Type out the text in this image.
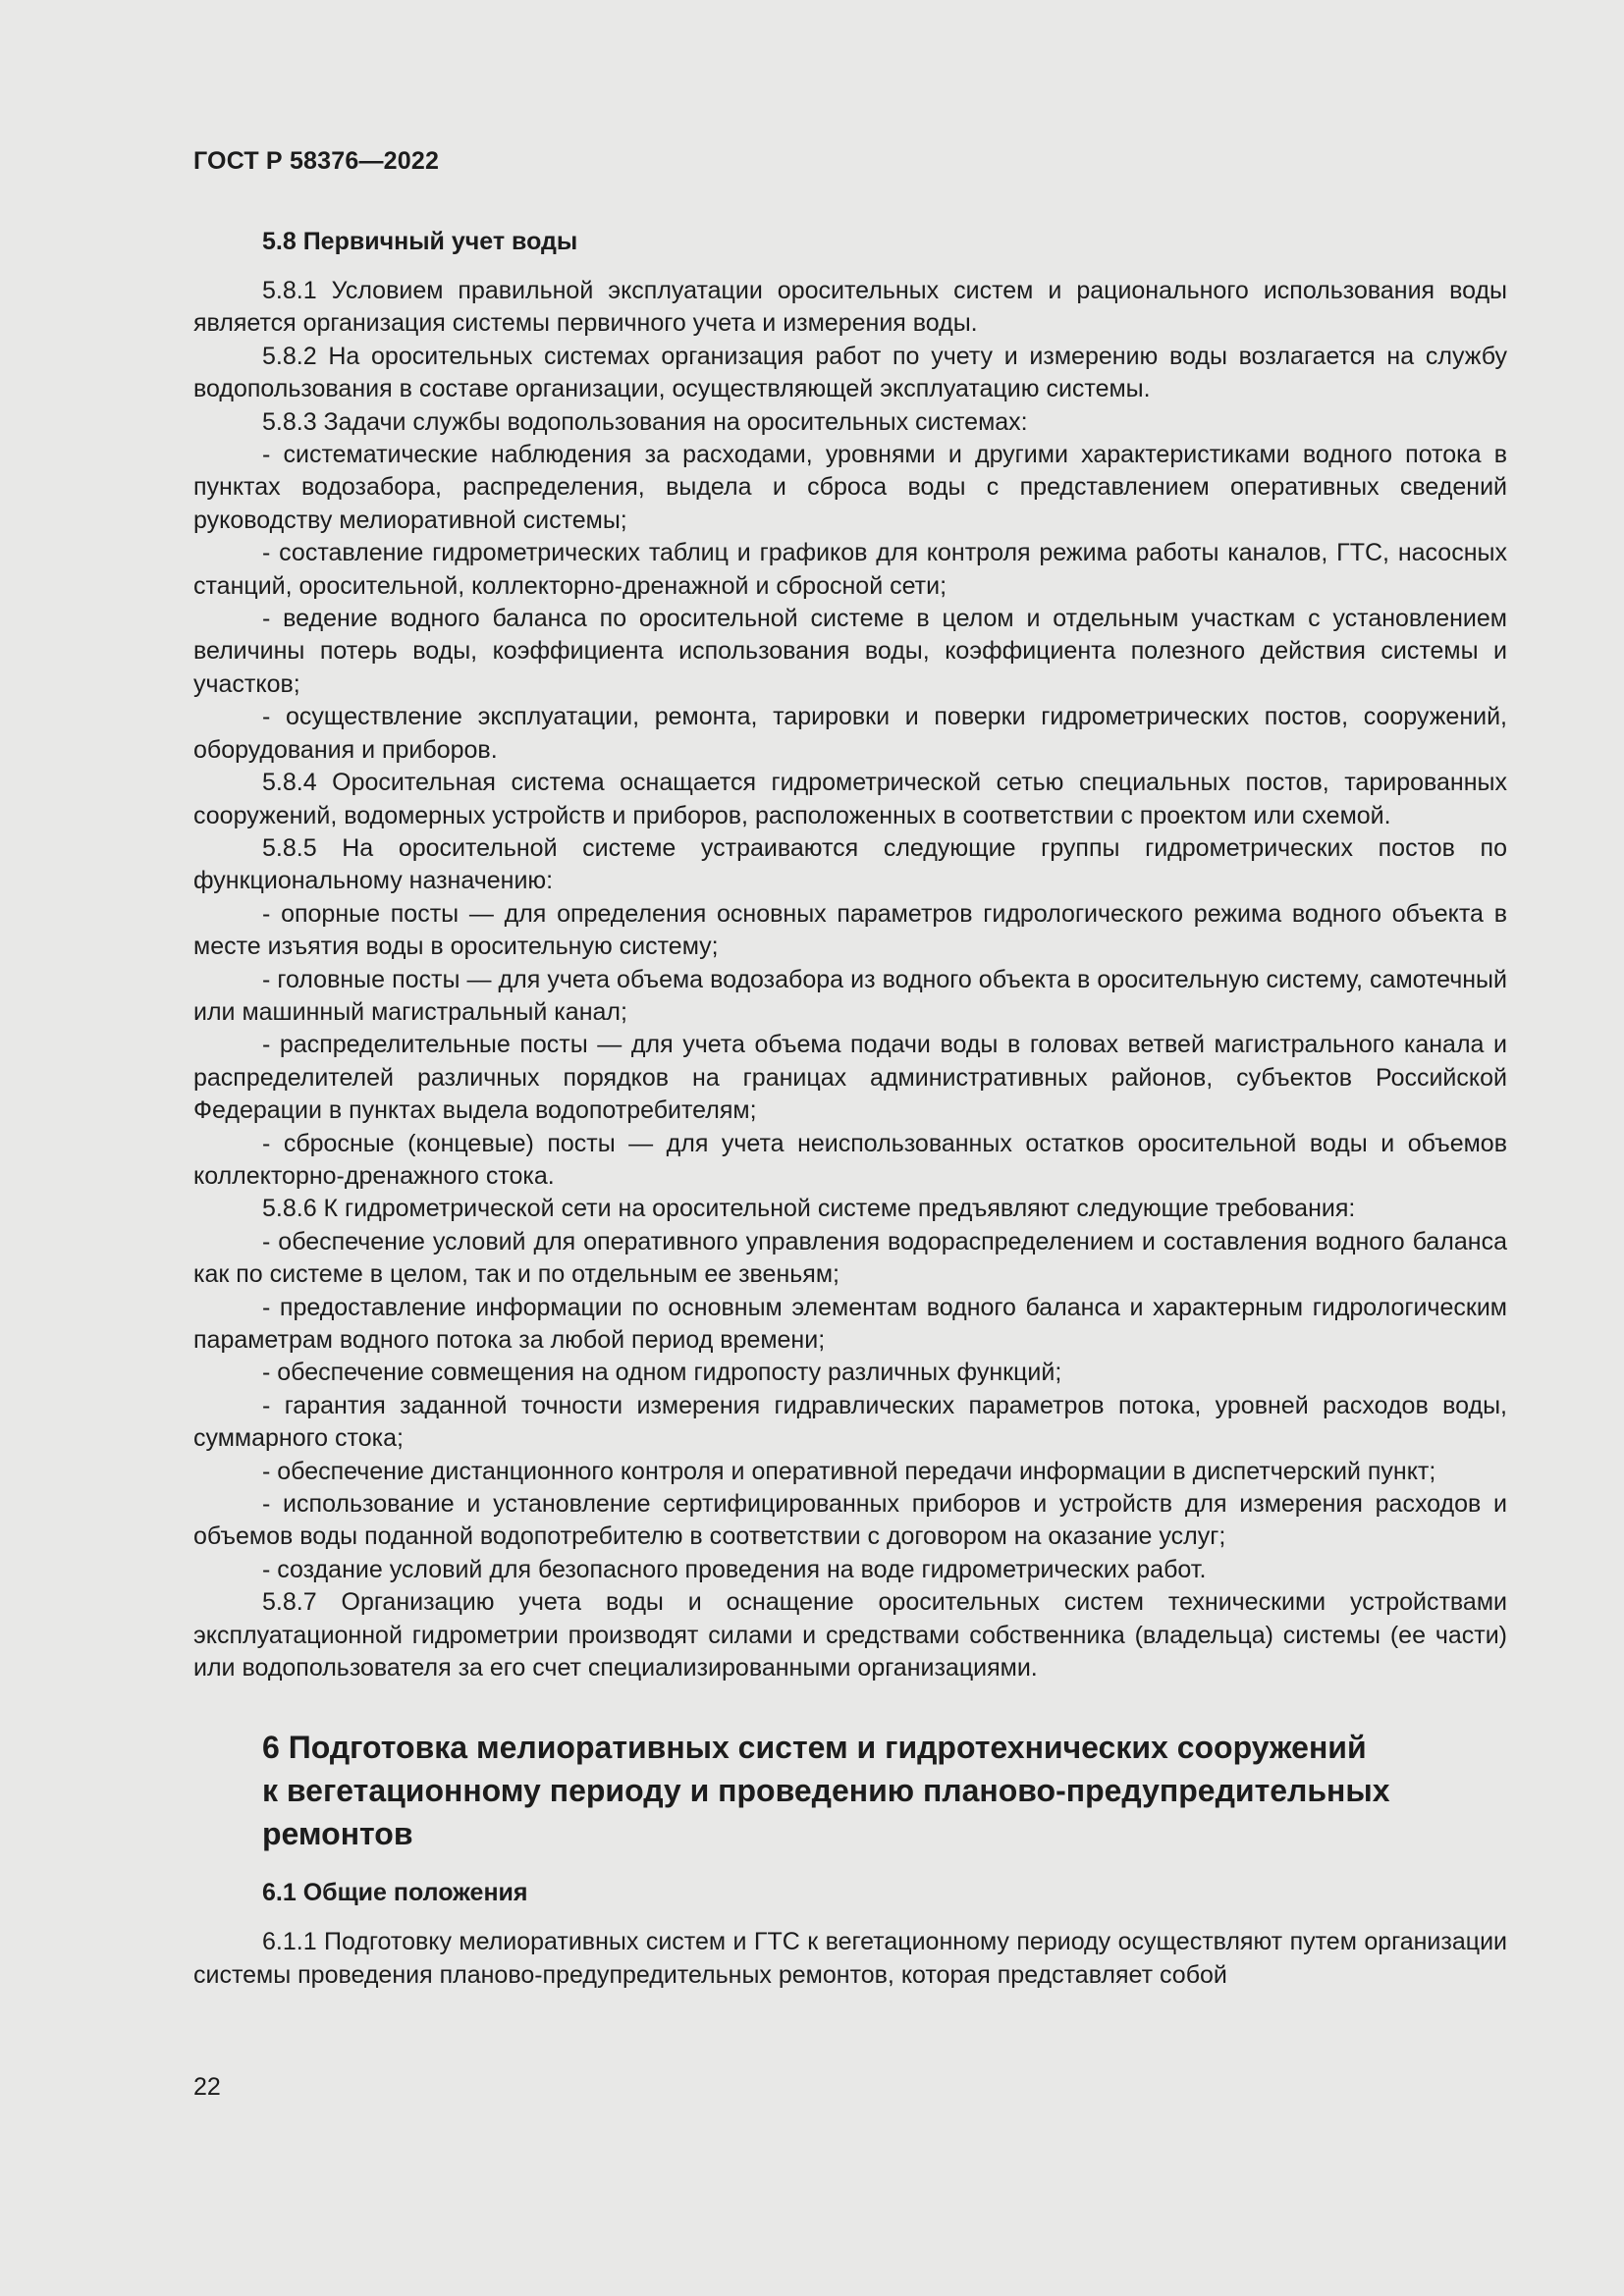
ГОСТ Р 58376—2022
5.8 Первичный учет воды

5.8.1 Условием правильной эксплуатации оросительных систем и рационального использования воды является организация системы первичного учета и измерения воды.

5.8.2 На оросительных системах организация работ по учету и измерению воды возлагается на службу водопользования в составе организации, осуществляющей эксплуатацию системы.

5.8.3 Задачи службы водопользования на оросительных системах:

- систематические наблюдения за расходами, уровнями и другими характеристиками водного потока в пунктах водозабора, распределения, выдела и сброса воды с представлением оперативных сведений руководству мелиоративной системы;

- составление гидрометрических таблиц и графиков для контроля режима работы каналов, ГТС, насосных станций, оросительной, коллекторно-дренажной и сбросной сети;

- ведение водного баланса по оросительной системе в целом и отдельным участкам с установлением величины потерь воды, коэффициента использования воды, коэффициента полезного действия системы и участков;

- осуществление эксплуатации, ремонта, тарировки и поверки гидрометрических постов, сооружений, оборудования и приборов.

5.8.4 Оросительная система оснащается гидрометрической сетью специальных постов, тарированных сооружений, водомерных устройств и приборов, расположенных в соответствии с проектом или схемой.

5.8.5 На оросительной системе устраиваются следующие группы гидрометрических постов по функциональному назначению:

- опорные посты — для определения основных параметров гидрологического режима водного объекта в месте изъятия воды в оросительную систему;

- головные посты — для учета объема водозабора из водного объекта в оросительную систему, самотечный или машинный магистральный канал;

- распределительные посты — для учета объема подачи воды в головах ветвей магистрального канала и распределителей различных порядков на границах административных районов, субъектов Российской Федерации в пунктах выдела водопотребителям;

- сбросные (концевые) посты — для учета неиспользованных остатков оросительной воды и объемов коллекторно-дренажного стока.

5.8.6 К гидрометрической сети на оросительной системе предъявляют следующие требования:

- обеспечение условий для оперативного управления водораспределением и составления водного баланса как по системе в целом, так и по отдельным ее звеньям;

- предоставление информации по основным элементам водного баланса и характерным гидрологическим параметрам водного потока за любой период времени;

- обеспечение совмещения на одном гидропосту различных функций;

- гарантия заданной точности измерения гидравлических параметров потока, уровней расходов воды, суммарного стока;

- обеспечение дистанционного контроля и оперативной передачи информации в диспетчерский пункт;

- использование и установление сертифицированных приборов и устройств для измерения расходов и объемов воды поданной водопотребителю в соответствии с договором на оказание услуг;

- создание условий для безопасного проведения на воде гидрометрических работ.

5.8.7 Организацию учета воды и оснащение оросительных систем техническими устройствами эксплуатационной гидрометрии производят силами и средствами собственника (владельца) системы (ее части) или водопользователя за его счет специализированными организациями.

6 Подготовка мелиоративных систем и гидротехнических сооружений
к вегетационному периоду и проведению планово-предупредительных
ремонтов
6.1 Общие положения

6.1.1 Подготовку мелиоративных систем и ГТС к вегетационному периоду осуществляют путем организации системы проведения планово-предупредительных ремонтов, которая представляет собой

22
